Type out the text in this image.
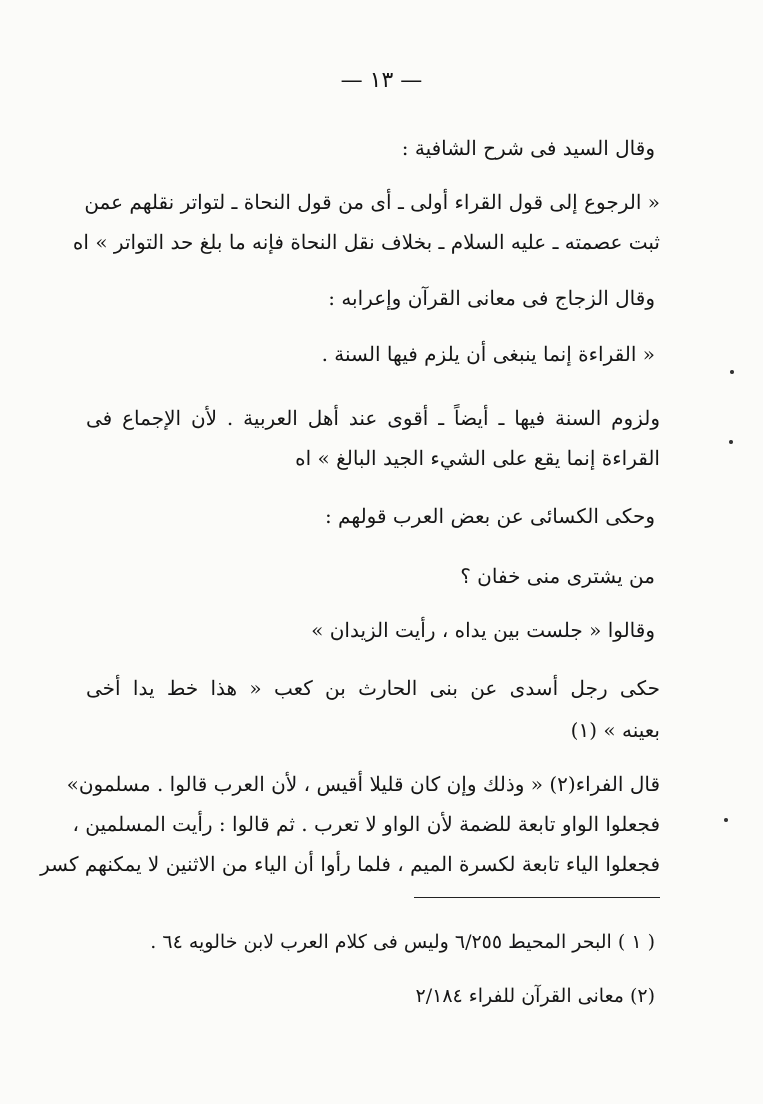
— ١٣ —
وقال السيد فى شرح الشافية :
« الرجوع إلى قول القراء أولى ـ أى من قول النحاة ـ لتواتر نقلهم عمن
ثبت عصمته ـ عليه السلام ـ بخلاف نقل النحاة فإنه ما بلغ حد التواتر » اه
وقال الزجاج فى معانى القرآن وإعرابه :
« القراءة إنما ينبغى أن يلزم فيها السنة .
ولزوم السنة فيها ـ أيضاً ـ أقوى عند أهل العربية . لأن الإجماع فى
القراءة إنما يقع على الشيء الجيد البالغ » اه
وحكى الكسائى عن بعض العرب قولهم :
من يشترى منى خفان ؟
وقالوا « جلست بين يداه ، رأيت الزيدان »
حكى رجل أسدى عن بنى الحارث بن كعب « هذا خط يدا أخى
بعينه » (١)
قال الفراء(٢) « وذلك وإن كان قليلا أقيس ، لأن العرب قالوا . مسلمون»
فجعلوا الواو تابعة للضمة لأن الواو لا تعرب . ثم قالوا : رأيت المسلمين ،
فجعلوا الياء تابعة لكسرة الميم ، فلما رأوا أن الياء من الاثنين لا يمكنهم كسر
( ١ ) البحر المحيط ٦/٢٥٥ وليس فى كلام العرب لابن خالويه ٦٤ .
(٢) معانى القرآن للفراء ٢/١٨٤
